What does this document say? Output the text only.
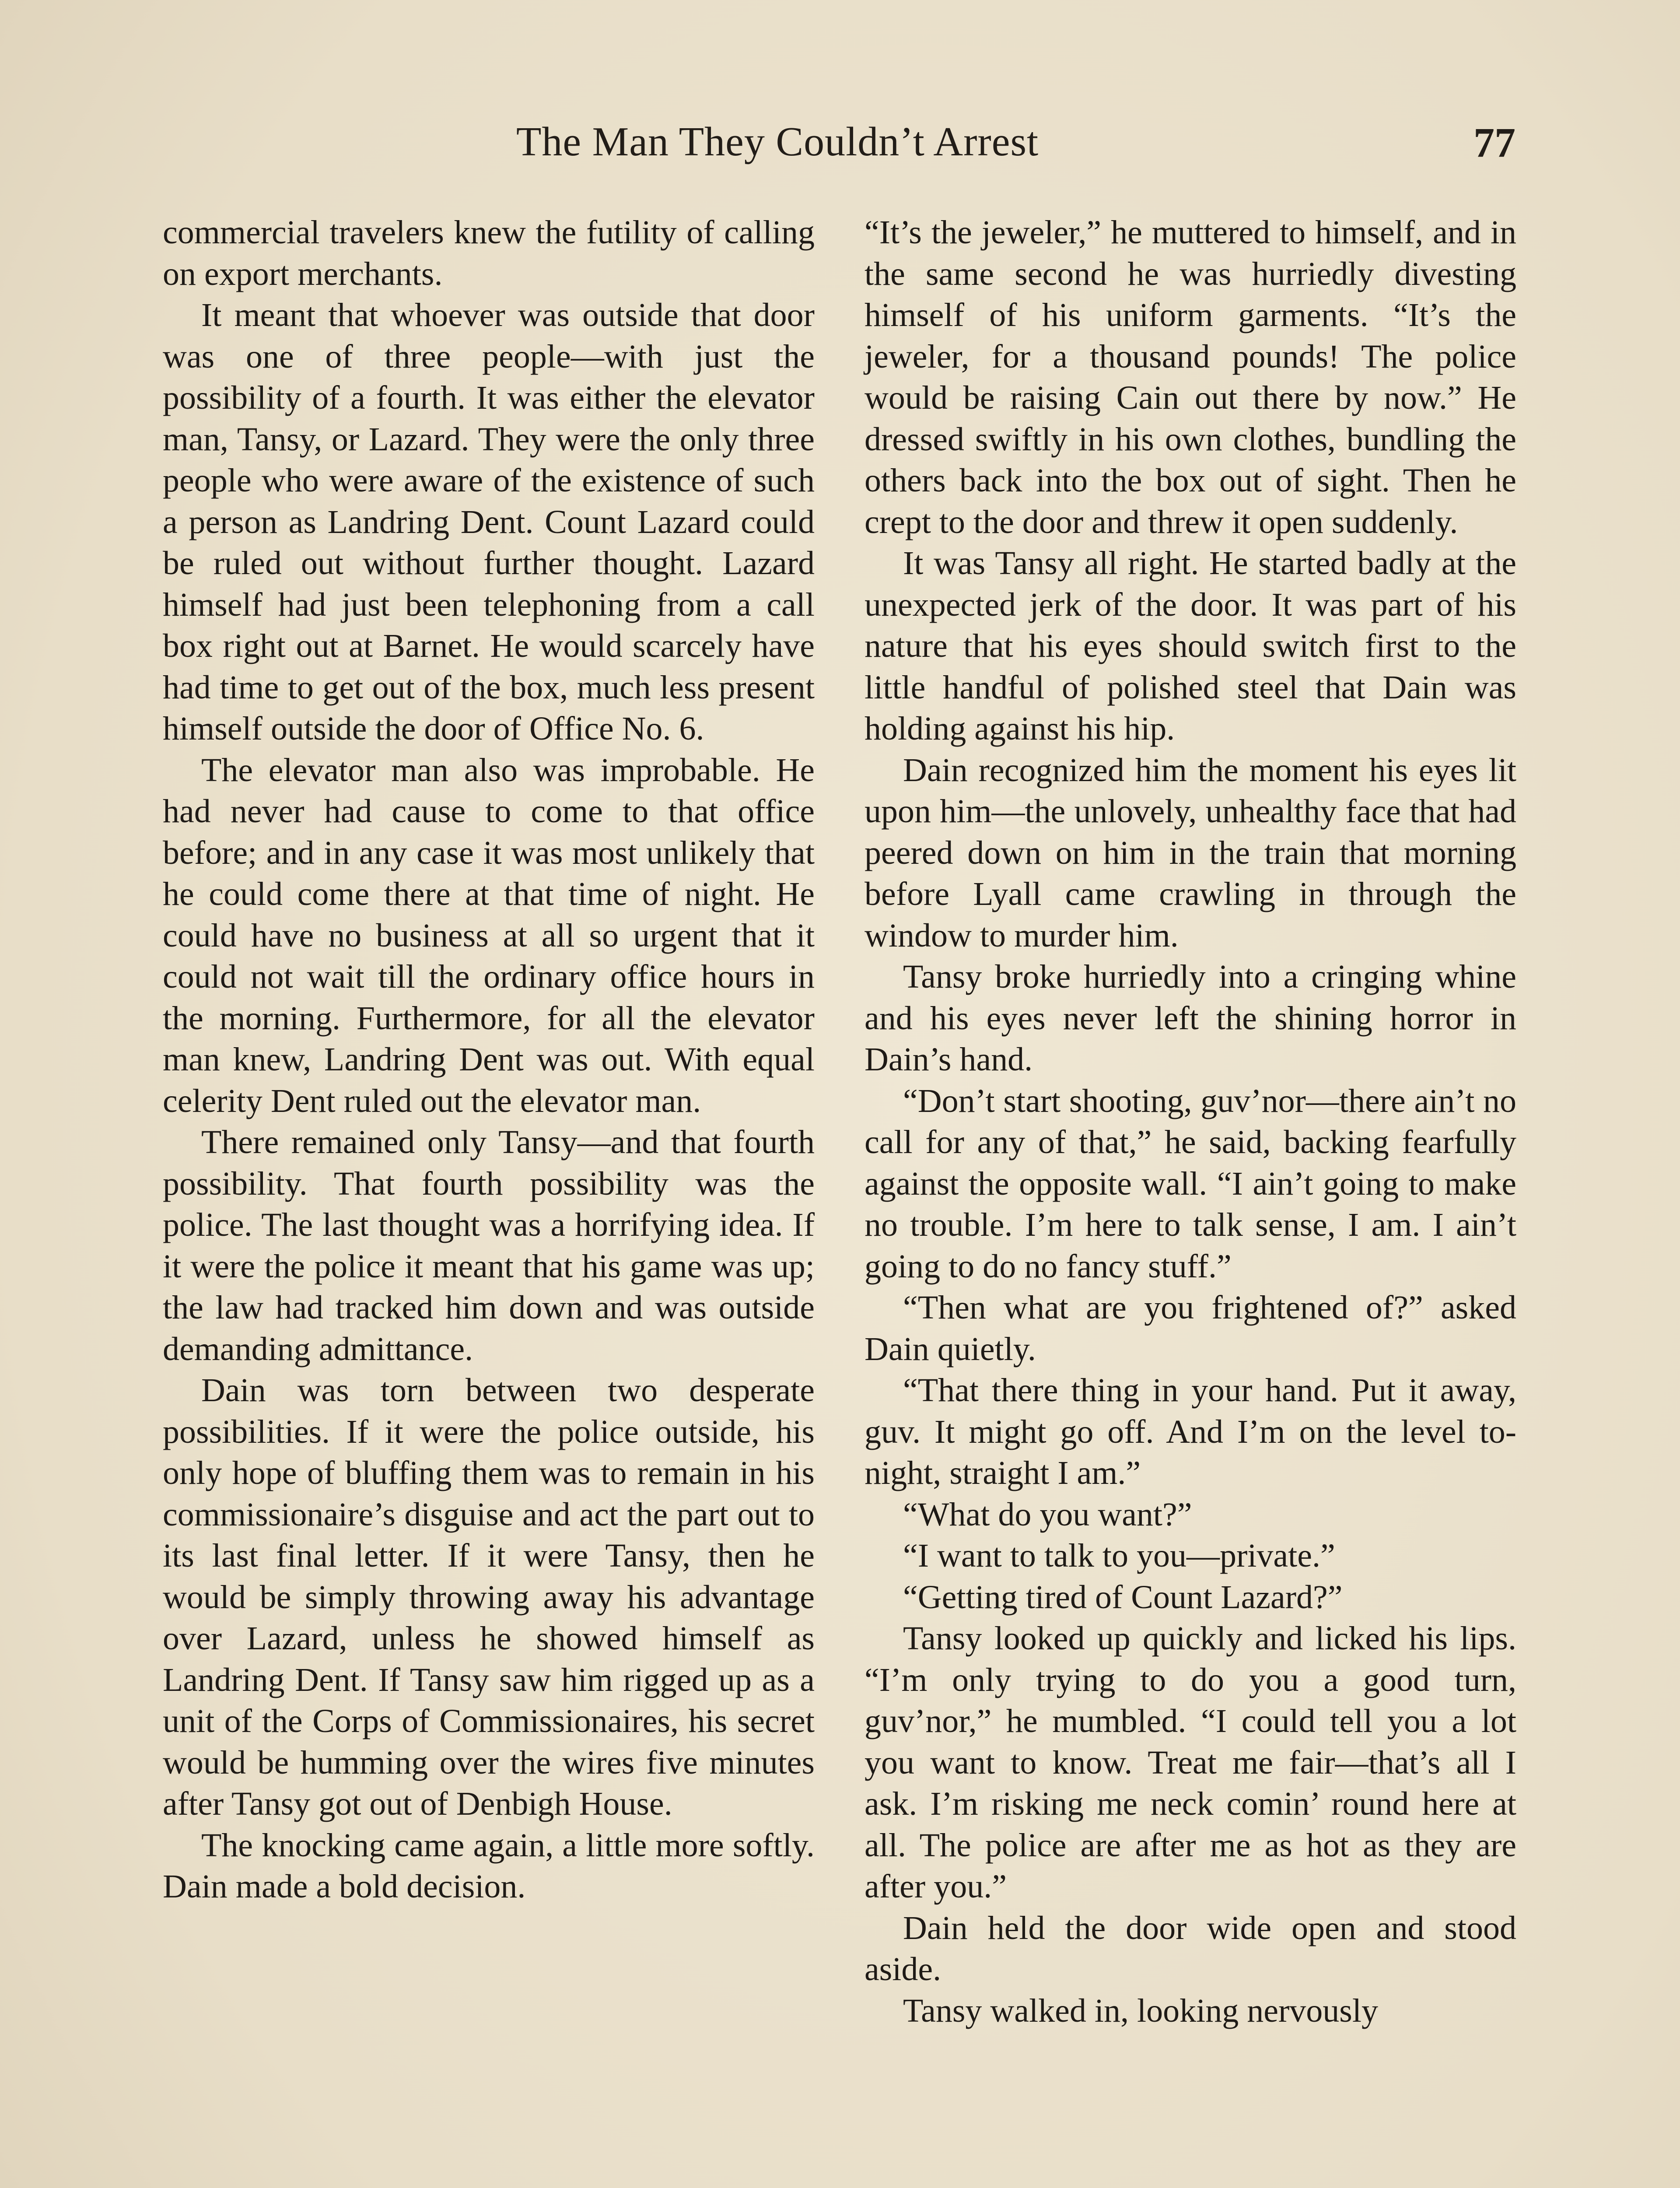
The Man They Couldn’t Arrest	77

commercial travelers knew the futility of calling on export merchants.

It meant that whoever was outside that door was one of three people—with just the possibility of a fourth. It was either the elevator man, Tansy, or Lazard. They were the only three people who were aware of the existence of such a person as Landring Dent. Count Lazard could be ruled out without further thought. Lazard himself had just been telephoning from a call box right out at Barnet. He would scarcely have had time to get out of the box, much less present himself outside the door of Office No. 6.

The elevator man also was improbable. He had never had cause to come to that office before; and in any case it was most unlikely that he could come there at that time of night. He could have no business at all so urgent that it could not wait till the ordinary office hours in the morning. Furthermore, for all the elevator man knew, Landring Dent was out. With equal celerity Dent ruled out the elevator man.

There remained only Tansy—and that fourth possibility. That fourth possibility was the police. The last thought was a horrifying idea. If it were the police it meant that his game was up; the law had tracked him down and was outside demanding admittance.

Dain was torn between two desperate possibilities. If it were the police outside, his only hope of bluffing them was to remain in his commissionaire’s disguise and act the part out to its last final letter. If it were Tansy, then he would be simply throwing away his advantage over Lazard, unless he showed himself as Landring Dent. If Tansy saw him rigged up as a unit of the Corps of Commissionaires, his secret would be humming over the wires five minutes after Tansy got out of Denbigh House.

The knocking came again, a little more softly. Dain made a bold decision.

“It’s the jeweler,” he muttered to himself, and in the same second he was hurriedly divesting himself of his uniform garments. “It’s the jeweler, for a thousand pounds! The police would be raising Cain out there by now.” He dressed swiftly in his own clothes, bundling the others back into the box out of sight. Then he crept to the door and threw it open suddenly.

It was Tansy all right. He started badly at the unexpected jerk of the door. It was part of his nature that his eyes should switch first to the little handful of polished steel that Dain was holding against his hip.

Dain recognized him the moment his eyes lit upon him—the unlovely, unhealthy face that had peered down on him in the train that morning before Lyall came crawling in through the window to murder him.

Tansy broke hurriedly into a cringing whine and his eyes never left the shining horror in Dain’s hand.

“Don’t start shooting, guv’nor—there ain’t no call for any of that,” he said, backing fearfully against the opposite wall. “I ain’t going to make no trouble. I’m here to talk sense, I am. I ain’t going to do no fancy stuff.”

“Then what are you frightened of?” asked Dain quietly.

“That there thing in your hand. Put it away, guv. It might go off. And I’m on the level to-night, straight I am.”

“What do you want?”

“I want to talk to you—private.”

“Getting tired of Count Lazard?”

Tansy looked up quickly and licked his lips. “I’m only trying to do you a good turn, guv’nor,” he mumbled. “I could tell you a lot you want to know. Treat me fair—that’s all I ask. I’m risking me neck comin’ round here at all. The police are after me as hot as they are after you.”

Dain held the door wide open and stood aside.

Tansy walked in, looking nervously
